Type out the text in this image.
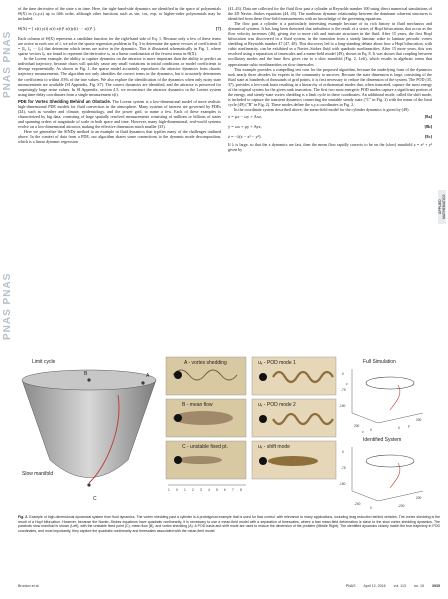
PNAS PNAS
PNAS PNAS
APPLIED MATHEMATICS

of the time derivative of the state x in time. Here, the right-hand-side dynamics are identified in the space of polynomials Θ(X) in (x,y,z) up to fifth order, although other functions such as sin, cos, exp, or higher-order polynomials may be included:

Θ(X) = [ x(t) y(t) z(t) x(t)² x(t)y(t) ··· z(t)⁵ ].	[7]

Each column of Θ(X) represents a candidate function for the right-hand side of Eq. 1. Because only a few of these terms are active in each row of f, we solve the sparse regression problem in Eq. 3 to determine the sparse vectors of coefficients Ξ = [ξ₁ ξ₂ ··· ξₙ] that determine which terms are active in the dynamics. This is illustrated schematically in Fig. 1, where sparse vectors ξₖ are found to represent the derivative ẋₖ as a linear combination of the fewest terms in Θ(X).

In the Lorenz example, the ability to capture dynamics on the attractor is more important than the ability to predict an individual trajectory, because chaos will quickly cause any small variations in initial conditions or model coefficients to diverge exponentially. As shown in Fig. 1, the sparse model accurately reproduces the attractor dynamics from chaotic trajectory measurements. The algorithm not only identifies the correct terms in the dynamics, but it accurately determines the coefficients to within .03% of the true values. We also explore the identification of the dynamics when only noisy state measurements are available (SI Appendix, Fig. S7). The correct dynamics are identified, and the attractor is preserved for surprisingly large noise values. In SI Appendix, section 4.5, we reconstruct the attractor dynamics in the Lorenz system using time-delay coordinates from a single measurement x(t).

PDE for Vortex Shedding Behind an Obstacle. The Lorenz system is a low-dimensional model of more realistic high-dimensional PDE models for fluid convection in the atmosphere. Many systems of interest are governed by PDEs (24), such as weather and climate, epidemiology, and the power grid, to name a few. Each of these examples is characterized by big data, consisting of large spatially resolved measurements consisting of millions or billions of states and spanning orders of magnitude of scale in both space and time. However, many high-dimensional, real-world systems evolve on a low-dimensional attractor, making the effective dimension much smaller (35).

Here we generalize the SINDy method to an example in fluid dynamics that typifies many of the challenges outlined above. In the context of data from a PDE, our algorithm shares some connections to the dynamic mode decomposition, which is a linear dynamic regression

(41–43). Data are collected for the fluid flow past a cylinder at Reynolds number 100 using direct numerical simulations of the 2D Navier–Stokes equations (44, 45). The nonlinear dynamic relationship between the dominant coherent structures is identified from these flow-field measurements with no knowledge of the governing equations.

The flow past a cylinder is a particularly interesting example because of its rich history in fluid mechanics and dynamical systems. It has long been theorized that turbulence is the result of a series of Hopf bifurcations that occur as the flow velocity increases (46), giving rise to more rich and intricate structures in the fluid. After 15 years, the first Hopf bifurcation was discovered in a fluid system, in the transition from a steady laminar wake to laminar periodic vortex shedding at Reynolds number 47 (47, 48). This discovery led to a long-standing debate about how a Hopf bifurcation, with cubic nonlinearity, can be exhibited in a Navier–Stokes fluid with quadratic nonlinearities. After 15 more years, this was resolved using a separation of timescales and a mean-field model (49), shown in Eq. 8. It was shown that coupling between oscillatory modes and the base flow gives rise to a slow manifold (Fig. 2, Left), which results in algebraic terms that approximate cubic nonlinearities on slow timescales.

This example provides a compelling test case for the proposed algorithm, because the underlying form of the dynamics took nearly three decades for experts in the community to uncover. Because the state dimension is large, consisting of the fluid state at hundreds of thousands of grid points, it is first necessary to reduce the dimension of the system. The POD (35, 37), provides a low-rank basis resulting in a hierarchy of orthonormal modes that, when truncated, capture the most energy of the original system for the given rank truncation. The first two most energetic POD modes capture a significant portion of the energy, and steady-state vortex shedding is a limit cycle in these coordinates. An additional mode, called the shift mode, is included to capture the transient dynamics connecting the unstable steady state ("C" in Fig. 2) with the mean of the limit cycle (49) ("B" in Fig. 2). These modes define the x,y,z coordinates in Fig. 2.

In the coordinate system described above, the mean-field model for the cylinder dynamics is given by (49)

ẋ = μx − ωy + Axz,	[8a]
ẏ = ωx + μy + Ayz,	[8b]
ż = −λ(z − x² − y²).	[8c]

If λ is large, so that the z dynamics are fast, then the mean flow rapidly corrects to be on the (slow) manifold z = x² + y² given by

Limit cycle
Slow manifold
A
B
C
A - vortex shedding
B - mean flow
C - unstable fixed pt.
1 0 1 2 3 4 5 6 7 8
uₓ - POD mode 1
uₓ - POD mode 2
uₓ - shift mode
Full Simulation
0
-75
-150
200
0	0
200
z
x
y
Identified System
0
-75
-150
-200
0	-200
200
Fig. 2. Example of high-dimensional dynamical system from fluid dynamics. The vortex shedding past a cylinder is a prototypical example that is used for flow control, with relevance to many applications, including drag reduction behind vehicles. The vortex shedding is the result of a Hopf bifurcation. However, because the Navier–Stokes equations have quadratic nonlinearity, it is necessary to use a mean-field model with a separation of timescales, where a fast mean-field deformation is slave to the slow vortex shedding dynamics. The parabolic slow manifold is shown (Left), with the unstable fixed point (C), mean flow (B), and vortex shedding (A). A POD basis and shift mode are used to reduce the dimension of the problem (Middle Right). The identified dynamics closely match the true trajectory in POD coordinates, and most importantly, they capture the quadratic nonlinearity and timescales associated with the mean-field model.
Brunton et al.	PNAS April 12, 2016 vol. 113 no. 15 3935
